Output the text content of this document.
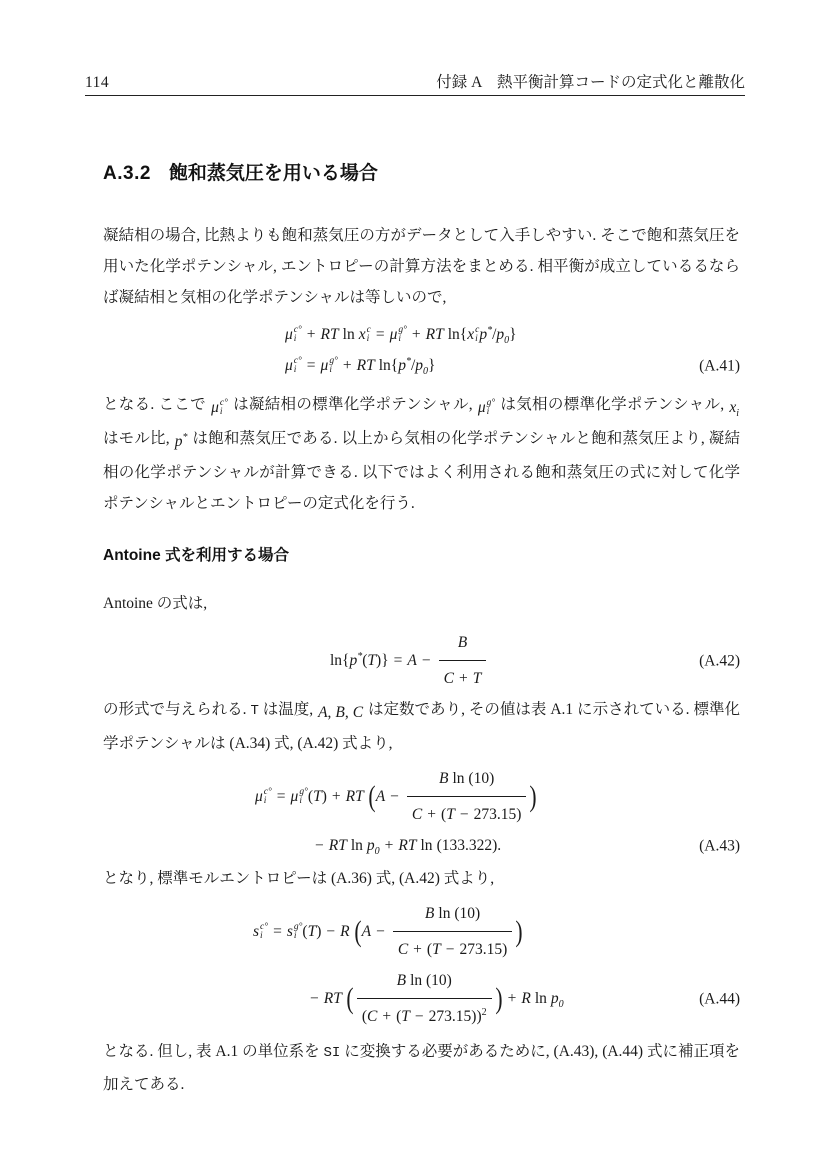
114	付録 A　熱平衡計算コードの定式化と離散化
A.3.2 飽和蒸気圧を用いる場合

凝結相の場合, 比熱よりも飽和蒸気圧の方がデータとして入手しやすい. そこで飽和蒸気圧を用いた化学ポテンシャル, エントロピーの計算方法をまとめる. 相平衡が成立しているるならば凝結相と気相の化学ポテンシャルは等しいので,

μ c°
i + RT ln x c
i = μ g°
i + RT ln{ x c
i $p^* / p_0$ }
μ c°
i = μ g°
i + RT ln{ $p^* / p_0$ }	(A.41)

となる. ここで μ c°
i は凝結相の標準化学ポテンシャル, μ g°
i は気相の標準化学ポテンシャル, $x_i$
はモル比, p* は飽和蒸気圧である. 以上から気相の化学ポテンシャルと飽和蒸気圧より, 凝結相の化学ポテンシャルが計算できる. 以下ではよく利用される飽和蒸気圧の式に対して化学ポテンシャルとエントロピーの定式化を行う.

Antoine 式を利用する場合

Antoine の式は,

ln{ p* ( T )} = $A - \frac{B}{C + T}$	(A.42)

の形式で与えられる. T は温度, A , B , C は定数であり, その値は表 A.1 に示されている. 標準化学ポテンシャルは (A.34) 式, (A.42) 式より,

μ c°
i = μ g°
i ( T ) + RT ( $A - \frac{\text{B ln (10)}}{C + ( T - 273.15)}$ )
− RT $\ln p_0$ + RT ln (133.322).	(A.43)

となり, 標準モルエントロピーは (A.36) 式, (A.42) 式より,

s c°
i = s g°
i ( T ) − R ( $A - \frac{\text{B ln (10)}}{C + ( T - 273.15)}$ )
− RT (
B ln (10)
( C + ( T − 273.15))$^2$ ) + R $\ln p_0$	(A.44)

となる. 但し, 表 A.1 の単位系を SI に変換する必要があるために, (A.43), (A.44) 式に補正項を加えてある.
